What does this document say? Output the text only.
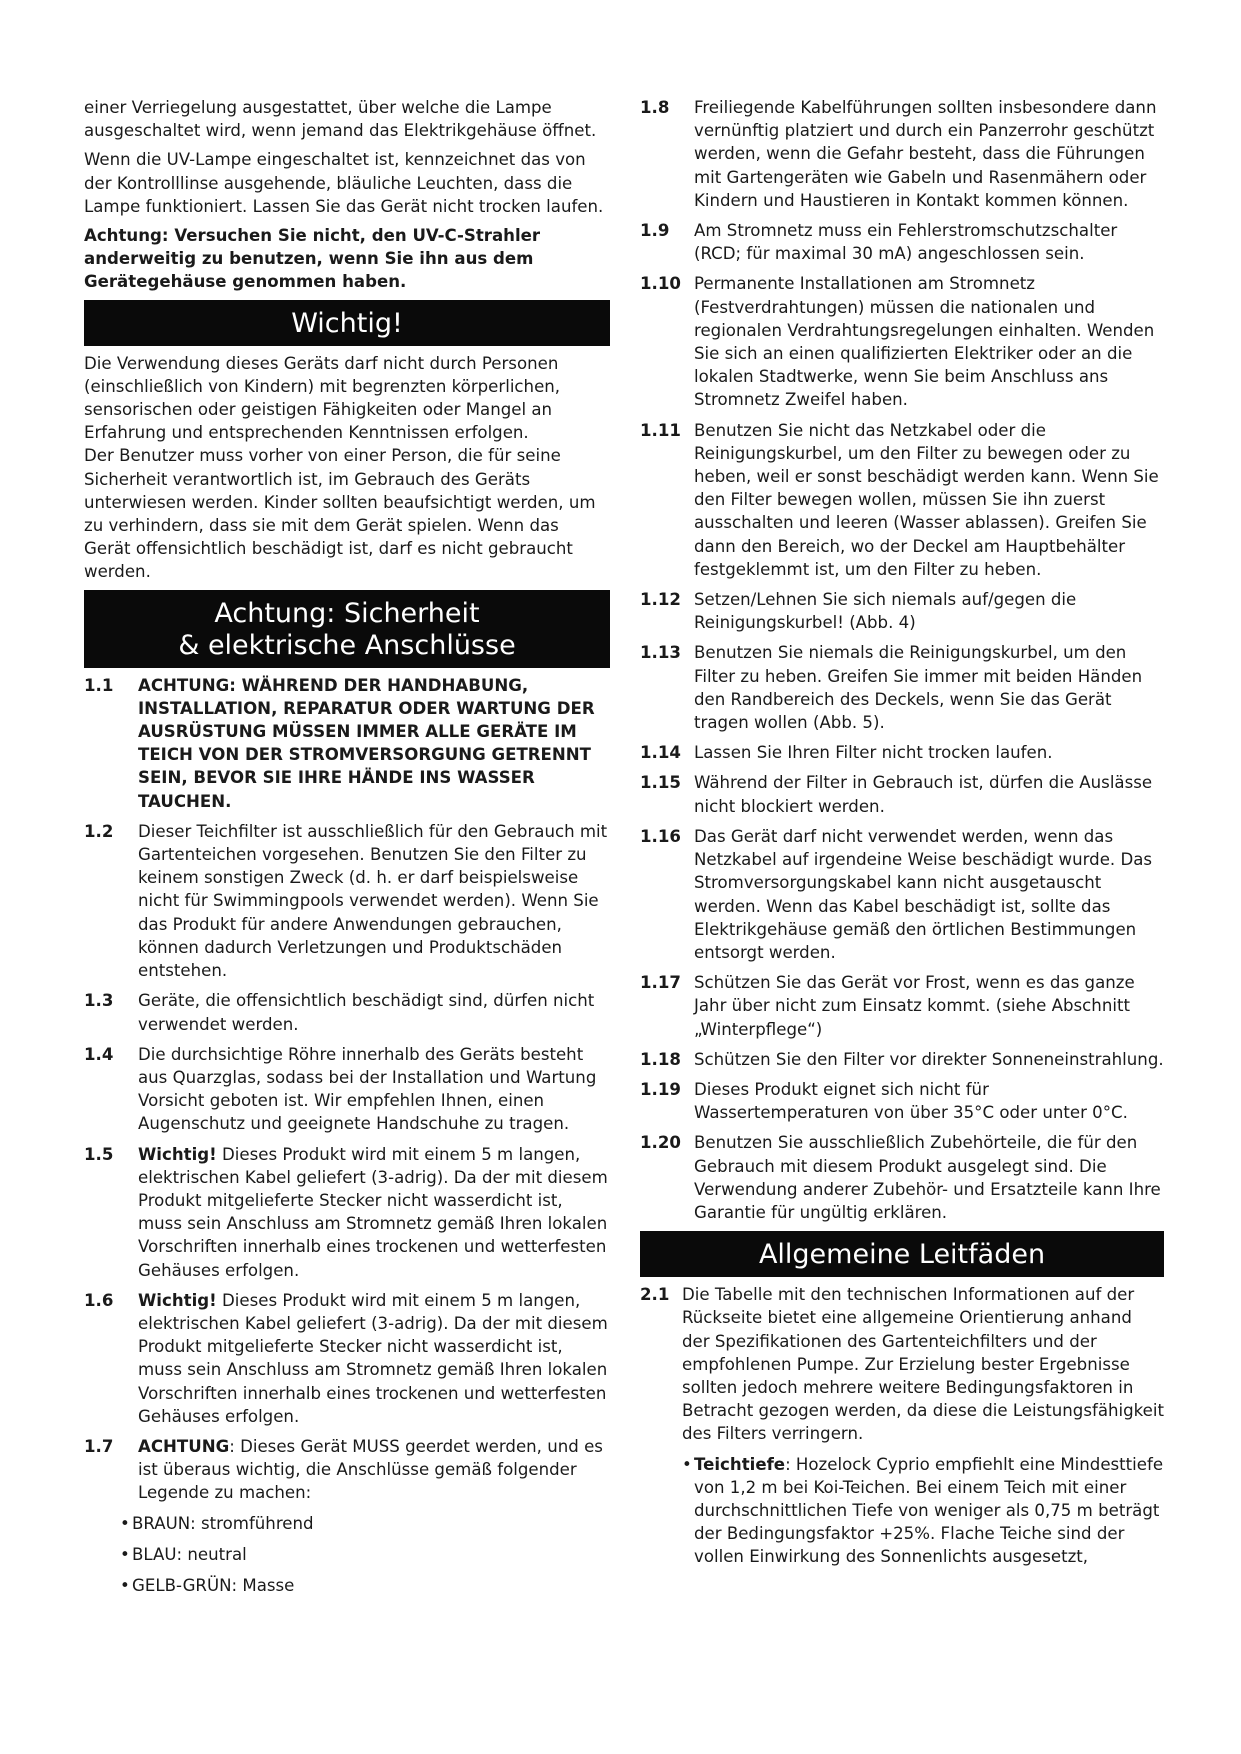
einer Verriegelung ausgestattet, über welche die Lampe ausgeschaltet wird, wenn jemand das Elektrikgehäuse öffnet.

Wenn die UV-Lampe eingeschaltet ist, kennzeichnet das von der Kontrolllinse ausgehende, bläuliche Leuchten, dass die Lampe funktioniert. Lassen Sie das Gerät nicht trocken laufen.

Achtung: Versuchen Sie nicht, den UV-C-Strahler anderweitig zu benutzen, wenn Sie ihn aus dem Gerätegehäuse genommen haben.

Wichtig!

Die Verwendung dieses Geräts darf nicht durch Personen (einschließlich von Kindern) mit begrenzten körperlichen, sensorischen oder geistigen Fähigkeiten oder Mangel an Erfahrung und entsprechenden Kenntnissen erfolgen.

Der Benutzer muss vorher von einer Person, die für seine Sicherheit verantwortlich ist, im Gebrauch des Geräts unterwiesen werden. Kinder sollten beaufsichtigt werden, um zu verhindern, dass sie mit dem Gerät spielen. Wenn das Gerät offensichtlich beschädigt ist, darf es nicht gebraucht werden.

Achtung: Sicherheit
& elektrische Anschlüsse
1.1 ACHTUNG: WÄHREND DER HANDHABUNG, INSTALLATION, REPARATUR ODER WARTUNG DER AUSRÜSTUNG MÜSSEN IMMER ALLE GERÄTE IM TEICH VON DER STROMVERSORGUNG GETRENNT SEIN, BEVOR SIE IHRE HÄNDE INS WASSER TAUCHEN.
1.2 Dieser Teichfilter ist ausschließlich für den Gebrauch mit Gartenteichen vorgesehen. Benutzen Sie den Filter zu keinem sonstigen Zweck (d. h. er darf beispielsweise nicht für Swimmingpools verwendet werden). Wenn Sie das Produkt für andere Anwendungen gebrauchen, können dadurch Verletzungen und Produktschäden entstehen.
1.3 Geräte, die offensichtlich beschädigt sind, dürfen nicht verwendet werden.
1.4 Die durchsichtige Röhre innerhalb des Geräts besteht aus Quarzglas, sodass bei der Installation und Wartung Vorsicht geboten ist. Wir empfehlen Ihnen, einen Augenschutz und geeignete Handschuhe zu tragen.
1.5 Wichtig! Dieses Produkt wird mit einem 5 m langen, elektrischen Kabel geliefert (3-adrig). Da der mit diesem Produkt mitgelieferte Stecker nicht wasserdicht ist, muss sein Anschluss am Stromnetz gemäß Ihren lokalen Vorschriften innerhalb eines trockenen und wetterfesten Gehäuses erfolgen.
1.6 Wichtig! Dieses Produkt wird mit einem 5 m langen, elektrischen Kabel geliefert (3-adrig). Da der mit diesem Produkt mitgelieferte Stecker nicht wasserdicht ist, muss sein Anschluss am Stromnetz gemäß Ihren lokalen Vorschriften innerhalb eines trockenen und wetterfesten Gehäuses erfolgen.
1.7 ACHTUNG: Dieses Gerät MUSS geerdet werden, und es ist überaus wichtig, die Anschlüsse gemäß folgender Legende zu machen:
• BRAUN: stromführend
• BLAU: neutral
• GELB-GRÜN: Masse
1.8 Freiliegende Kabelführungen sollten insbesondere dann vernünftig platziert und durch ein Panzerrohr geschützt werden, wenn die Gefahr besteht, dass die Führungen mit Gartengeräten wie Gabeln und Rasenmähern oder Kindern und Haustieren in Kontakt kommen können.
1.9 Am Stromnetz muss ein Fehlerstromschutzschalter (RCD; für maximal 30 mA) angeschlossen sein.
1.10 Permanente Installationen am Stromnetz (Festverdrahtungen) müssen die nationalen und regionalen Verdrahtungsregelungen einhalten. Wenden Sie sich an einen qualifizierten Elektriker oder an die lokalen Stadtwerke, wenn Sie beim Anschluss ans Stromnetz Zweifel haben.
1.11 Benutzen Sie nicht das Netzkabel oder die Reinigungskurbel, um den Filter zu bewegen oder zu heben, weil er sonst beschädigt werden kann. Wenn Sie den Filter bewegen wollen, müssen Sie ihn zuerst ausschalten und leeren (Wasser ablassen). Greifen Sie dann den Bereich, wo der Deckel am Hauptbehälter festgeklemmt ist, um den Filter zu heben.
1.12 Setzen/Lehnen Sie sich niemals auf/gegen die Reinigungskurbel! (Abb. 4)
1.13 Benutzen Sie niemals die Reinigungskurbel, um den Filter zu heben. Greifen Sie immer mit beiden Händen den Randbereich des Deckels, wenn Sie das Gerät tragen wollen (Abb. 5).
1.14 Lassen Sie Ihren Filter nicht trocken laufen.
1.15 Während der Filter in Gebrauch ist, dürfen die Auslässe nicht blockiert werden.
1.16 Das Gerät darf nicht verwendet werden, wenn das Netzkabel auf irgendeine Weise beschädigt wurde. Das Stromversorgungskabel kann nicht ausgetauscht werden. Wenn das Kabel beschädigt ist, sollte das Elektrikgehäuse gemäß den örtlichen Bestimmungen entsorgt werden.
1.17 Schützen Sie das Gerät vor Frost, wenn es das ganze Jahr über nicht zum Einsatz kommt. (siehe Abschnitt „Winterpflege“)
1.18 Schützen Sie den Filter vor direkter Sonneneinstrahlung.
1.19 Dieses Produkt eignet sich nicht für Wassertemperaturen von über 35°C oder unter 0°C.
1.20 Benutzen Sie ausschließlich Zubehörteile, die für den Gebrauch mit diesem Produkt ausgelegt sind. Die Verwendung anderer Zubehör- und Ersatzteile kann Ihre Garantie für ungültig erklären.
Allgemeine Leitfäden
2.1 Die Tabelle mit den technischen Informationen auf der Rückseite bietet eine allgemeine Orientierung anhand der Spezifikationen des Gartenteichfilters und der empfohlenen Pumpe. Zur Erzielung bester Ergebnisse sollten jedoch mehrere weitere Bedingungsfaktoren in Betracht gezogen werden, da diese die Leistungsfähigkeit des Filters verringern.
• Teichtiefe: Hozelock Cyprio empfiehlt eine Mindesttiefe von 1,2 m bei Koi-Teichen. Bei einem Teich mit einer durchschnittlichen Tiefe von weniger als 0,75 m beträgt der Bedingungsfaktor +25%. Flache Teiche sind der vollen Einwirkung des Sonnenlichts ausgesetzt,
